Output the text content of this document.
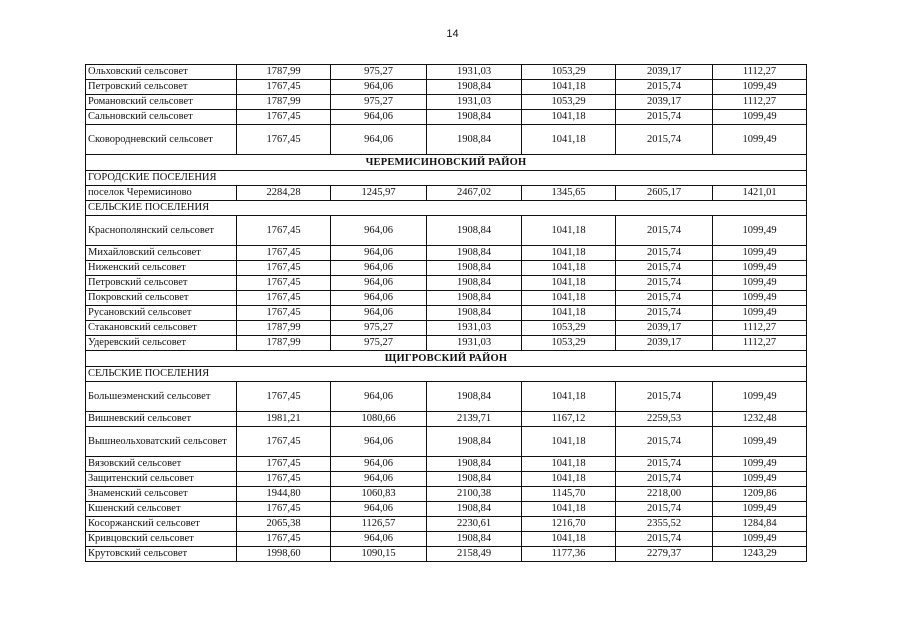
14
Ольховский сельсовет	1787,99	975,27	1931,03	1053,29	2039,17	1112,27
Петровский сельсовет	1767,45	964,06	1908,84	1041,18	2015,74	1099,49
Романовский сельсовет	1787,99	975,27	1931,03	1053,29	2039,17	1112,27
Сальновский сельсовет	1767,45	964,06	1908,84	1041,18	2015,74	1099,49
Сковородневский сельсовет	1767,45	964,06	1908,84	1041,18	2015,74	1099,49
ЧЕРЕМИСИНОВСКИЙ РАЙОН						
ГОРОДСКИЕ ПОСЕЛЕНИЯ						
поселок Черемисиново	2284,28	1245,97	2467,02	1345,65	2605,17	1421,01
СЕЛЬСКИЕ ПОСЕЛЕНИЯ						
Краснополянский сельсовет	1767,45	964,06	1908,84	1041,18	2015,74	1099,49
Михайловский сельсовет	1767,45	964,06	1908,84	1041,18	2015,74	1099,49
Ниженский сельсовет	1767,45	964,06	1908,84	1041,18	2015,74	1099,49
Петровский сельсовет	1767,45	964,06	1908,84	1041,18	2015,74	1099,49
Покровский сельсовет	1767,45	964,06	1908,84	1041,18	2015,74	1099,49
Русановский сельсовет	1767,45	964,06	1908,84	1041,18	2015,74	1099,49
Стакановский сельсовет	1787,99	975,27	1931,03	1053,29	2039,17	1112,27
Удеревский сельсовет	1787,99	975,27	1931,03	1053,29	2039,17	1112,27
ЩИГРОВСКИЙ РАЙОН						
СЕЛЬСКИЕ ПОСЕЛЕНИЯ						
Большеэменский сельсовет	1767,45	964,06	1908,84	1041,18	2015,74	1099,49
Вишневский сельсовет	1981,21	1080,66	2139,71	1167,12	2259,53	1232,48
Вышнеольховатский сельсовет	1767,45	964,06	1908,84	1041,18	2015,74	1099,49
Вязовский сельсовет	1767,45	964,06	1908,84	1041,18	2015,74	1099,49
Защитенский сельсовет	1767,45	964,06	1908,84	1041,18	2015,74	1099,49
Знаменский сельсовет	1944,80	1060,83	2100,38	1145,70	2218,00	1209,86
Кшенский сельсовет	1767,45	964,06	1908,84	1041,18	2015,74	1099,49
Косоржанский сельсовет	2065,38	1126,57	2230,61	1216,70	2355,52	1284,84
Кривцовский сельсовет	1767,45	964,06	1908,84	1041,18	2015,74	1099,49
Крутовский сельсовет	1998,60	1090,15	2158,49	1177,36	2279,37	1243,29
